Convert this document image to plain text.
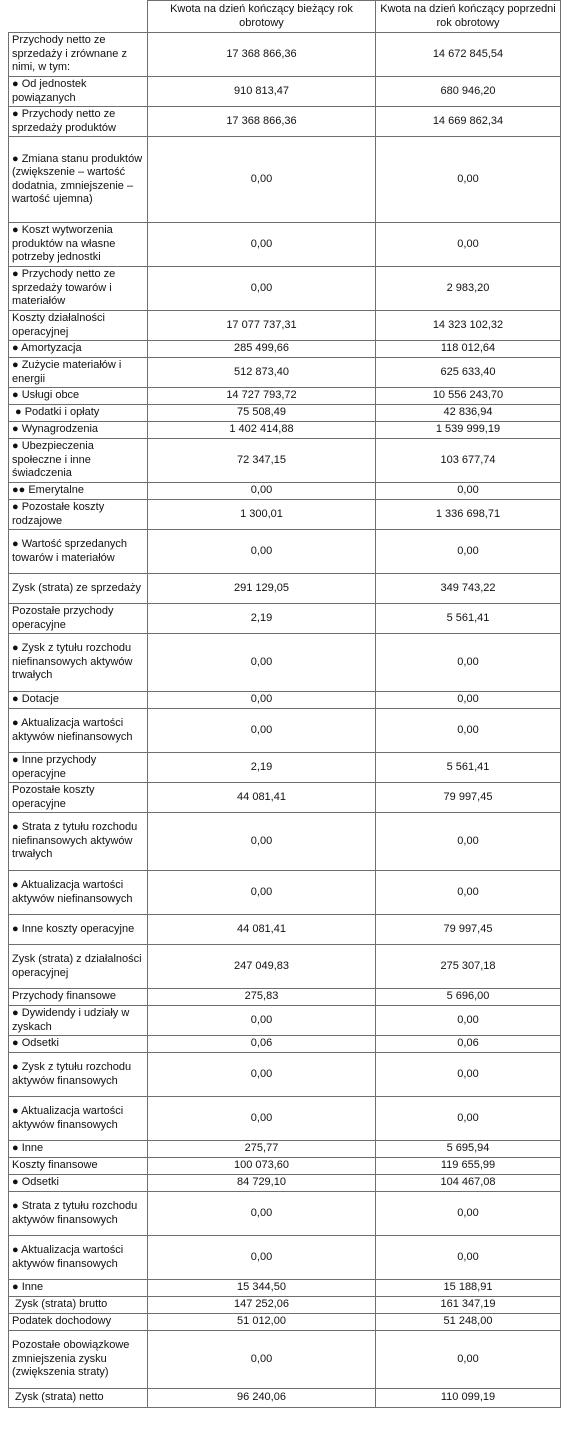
	Kwota na dzień kończący bieżący rok obrotowy	Kwota na dzień kończący poprzedni rok obrotowy
Przychody netto ze sprzedaży i zrównane z nimi, w tym:	17 368 866,36	14 672 845,54
● Od jednostek powiązanych	910 813,47	680 946,20
● Przychody netto ze sprzedaży produktów	17 368 866,36	14 669 862,34
● Zmiana stanu produktów (zwiększenie – wartość dodatnia, zmniejszenie – wartość ujemna)	0,00	0,00
● Koszt wytworzenia produktów na własne potrzeby jednostki	0,00	0,00
● Przychody netto ze sprzedaży towarów i materiałów	0,00	2 983,20
Koszty działalności operacyjnej	17 077 737,31	14 323 102,32
● Amortyzacja	285 499,66	118 012,64
● Zużycie materiałów i energii	512 873,40	625 633,40
● Usługi obce	14 727 793,72	10 556 243,70
● Podatki i opłaty	75 508,49	42 836,94
● Wynagrodzenia	1 402 414,88	1 539 999,19
● Ubezpieczenia społeczne i inne świadczenia	72 347,15	103 677,74
●● Emerytalne	0,00	0,00
● Pozostałe koszty rodzajowe	1 300,01	1 336 698,71
● Wartość sprzedanych towarów i materiałów	0,00	0,00
Zysk (strata) ze sprzedaży	291 129,05	349 743,22
Pozostałe przychody operacyjne	2,19	5 561,41
● Zysk z tytułu rozchodu niefinansowych aktywów trwałych	0,00	0,00
● Dotacje	0,00	0,00
● Aktualizacja wartości aktywów niefinansowych	0,00	0,00
● Inne przychody operacyjne	2,19	5 561,41
Pozostałe koszty operacyjne	44 081,41	79 997,45
● Strata z tytułu rozchodu niefinansowych aktywów trwałych	0,00	0,00
● Aktualizacja wartości aktywów niefinansowych	0,00	0,00
● Inne koszty operacyjne	44 081,41	79 997,45
Zysk (strata) z działalności operacyjnej	247 049,83	275 307,18
Przychody finansowe	275,83	5 696,00
● Dywidendy i udziały w zyskach	0,00	0,00
● Odsetki	0,06	0,06
● Zysk z tytułu rozchodu aktywów finansowych	0,00	0,00
● Aktualizacja wartości aktywów finansowych	0,00	0,00
● Inne	275,77	5 695,94
Koszty finansowe	100 073,60	119 655,99
● Odsetki	84 729,10	104 467,08
● Strata z tytułu rozchodu aktywów finansowych	0,00	0,00
● Aktualizacja wartości aktywów finansowych	0,00	0,00
● Inne	15 344,50	15 188,91
Zysk (strata) brutto	147 252,06	161 347,19
Podatek dochodowy	51 012,00	51 248,00
Pozostałe obowiązkowe zmniejszenia zysku (zwiększenia straty)	0,00	0,00
Zysk (strata) netto	96 240,06	110 099,19
